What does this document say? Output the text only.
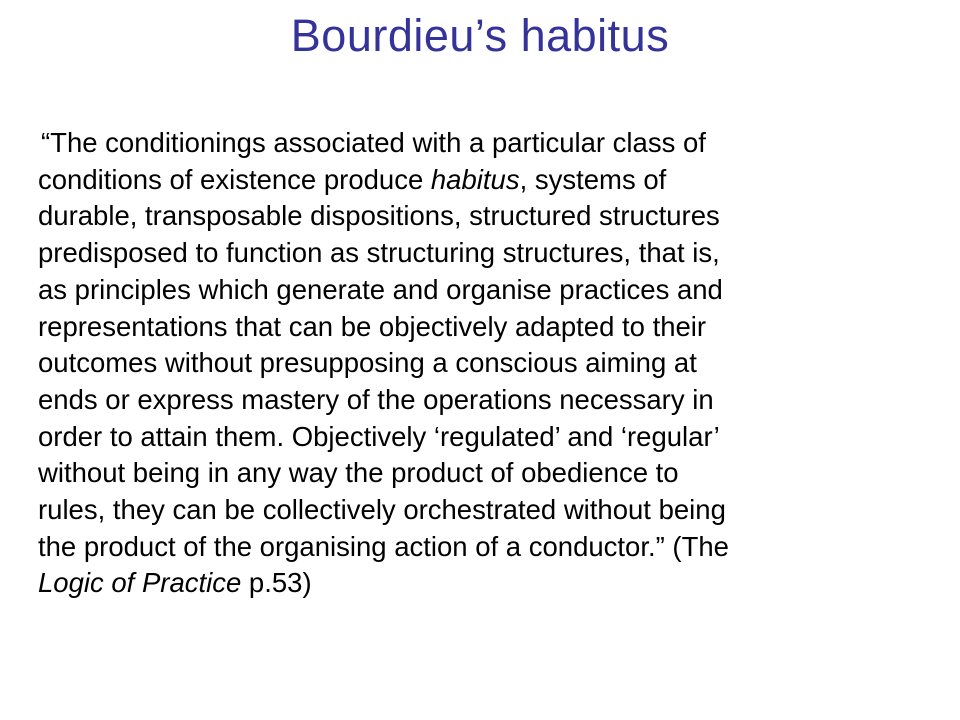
Bourdieu’s habitus

“The conditionings associated with a particular class of
conditions of existence produce habitus, systems of
durable, transposable dispositions, structured structures
predisposed to function as structuring structures, that is,
as principles which generate and organise practices and
representations that can be objectively adapted to their
outcomes without presupposing a conscious aiming at
ends or express mastery of the operations necessary in
order to attain them. Objectively ‘regulated’ and ‘regular’
without being in any way the product of obedience to
rules, they can be collectively orchestrated without being
the product of the organising action of a conductor.” (The
Logic of Practice p.53)
